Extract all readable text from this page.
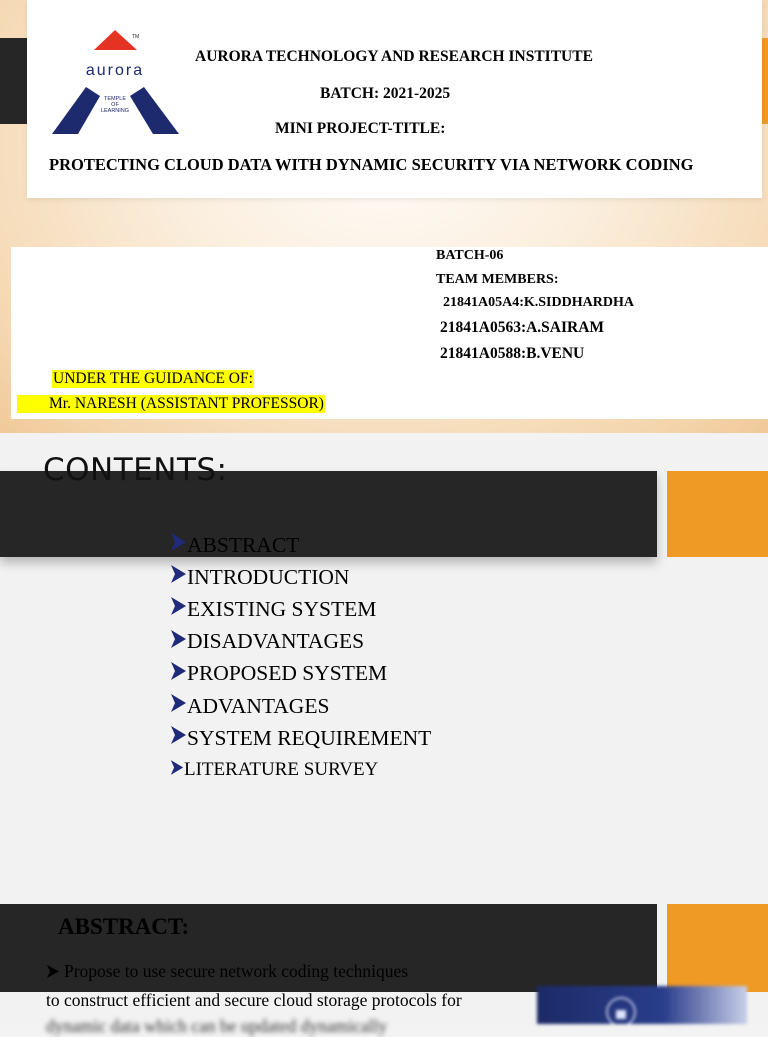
TM
aurora
TEMPLE
OF
LEARNING
AURORA TECHNOLOGY AND RESEARCH INSTITUTE
BATCH: 2021-2025
MINI PROJECT-TITLE:
PROTECTING CLOUD DATA WITH DYNAMIC SECURITY VIA NETWORK CODING
BATCH-06
TEAM MEMBERS:
21841A05A4:K.SIDDHARDHA
21841A0563:A.SAIRAM
21841A0588:B.VENU
UNDER THE GUIDANCE OF:
Mr. NARESH (ASSISTANT PROFESSOR)
CONTENTS:
ABSTRACT
INTRODUCTION
EXISTING SYSTEM
DISADVANTAGES
PROPOSED SYSTEM
ADVANTAGES
SYSTEM REQUIREMENT
LITERATURE SURVEY
ABSTRACT:
Propose to use secure network coding techniques
to construct efficient and secure cloud storage protocols for
dynamic data which can be updated dynamically
